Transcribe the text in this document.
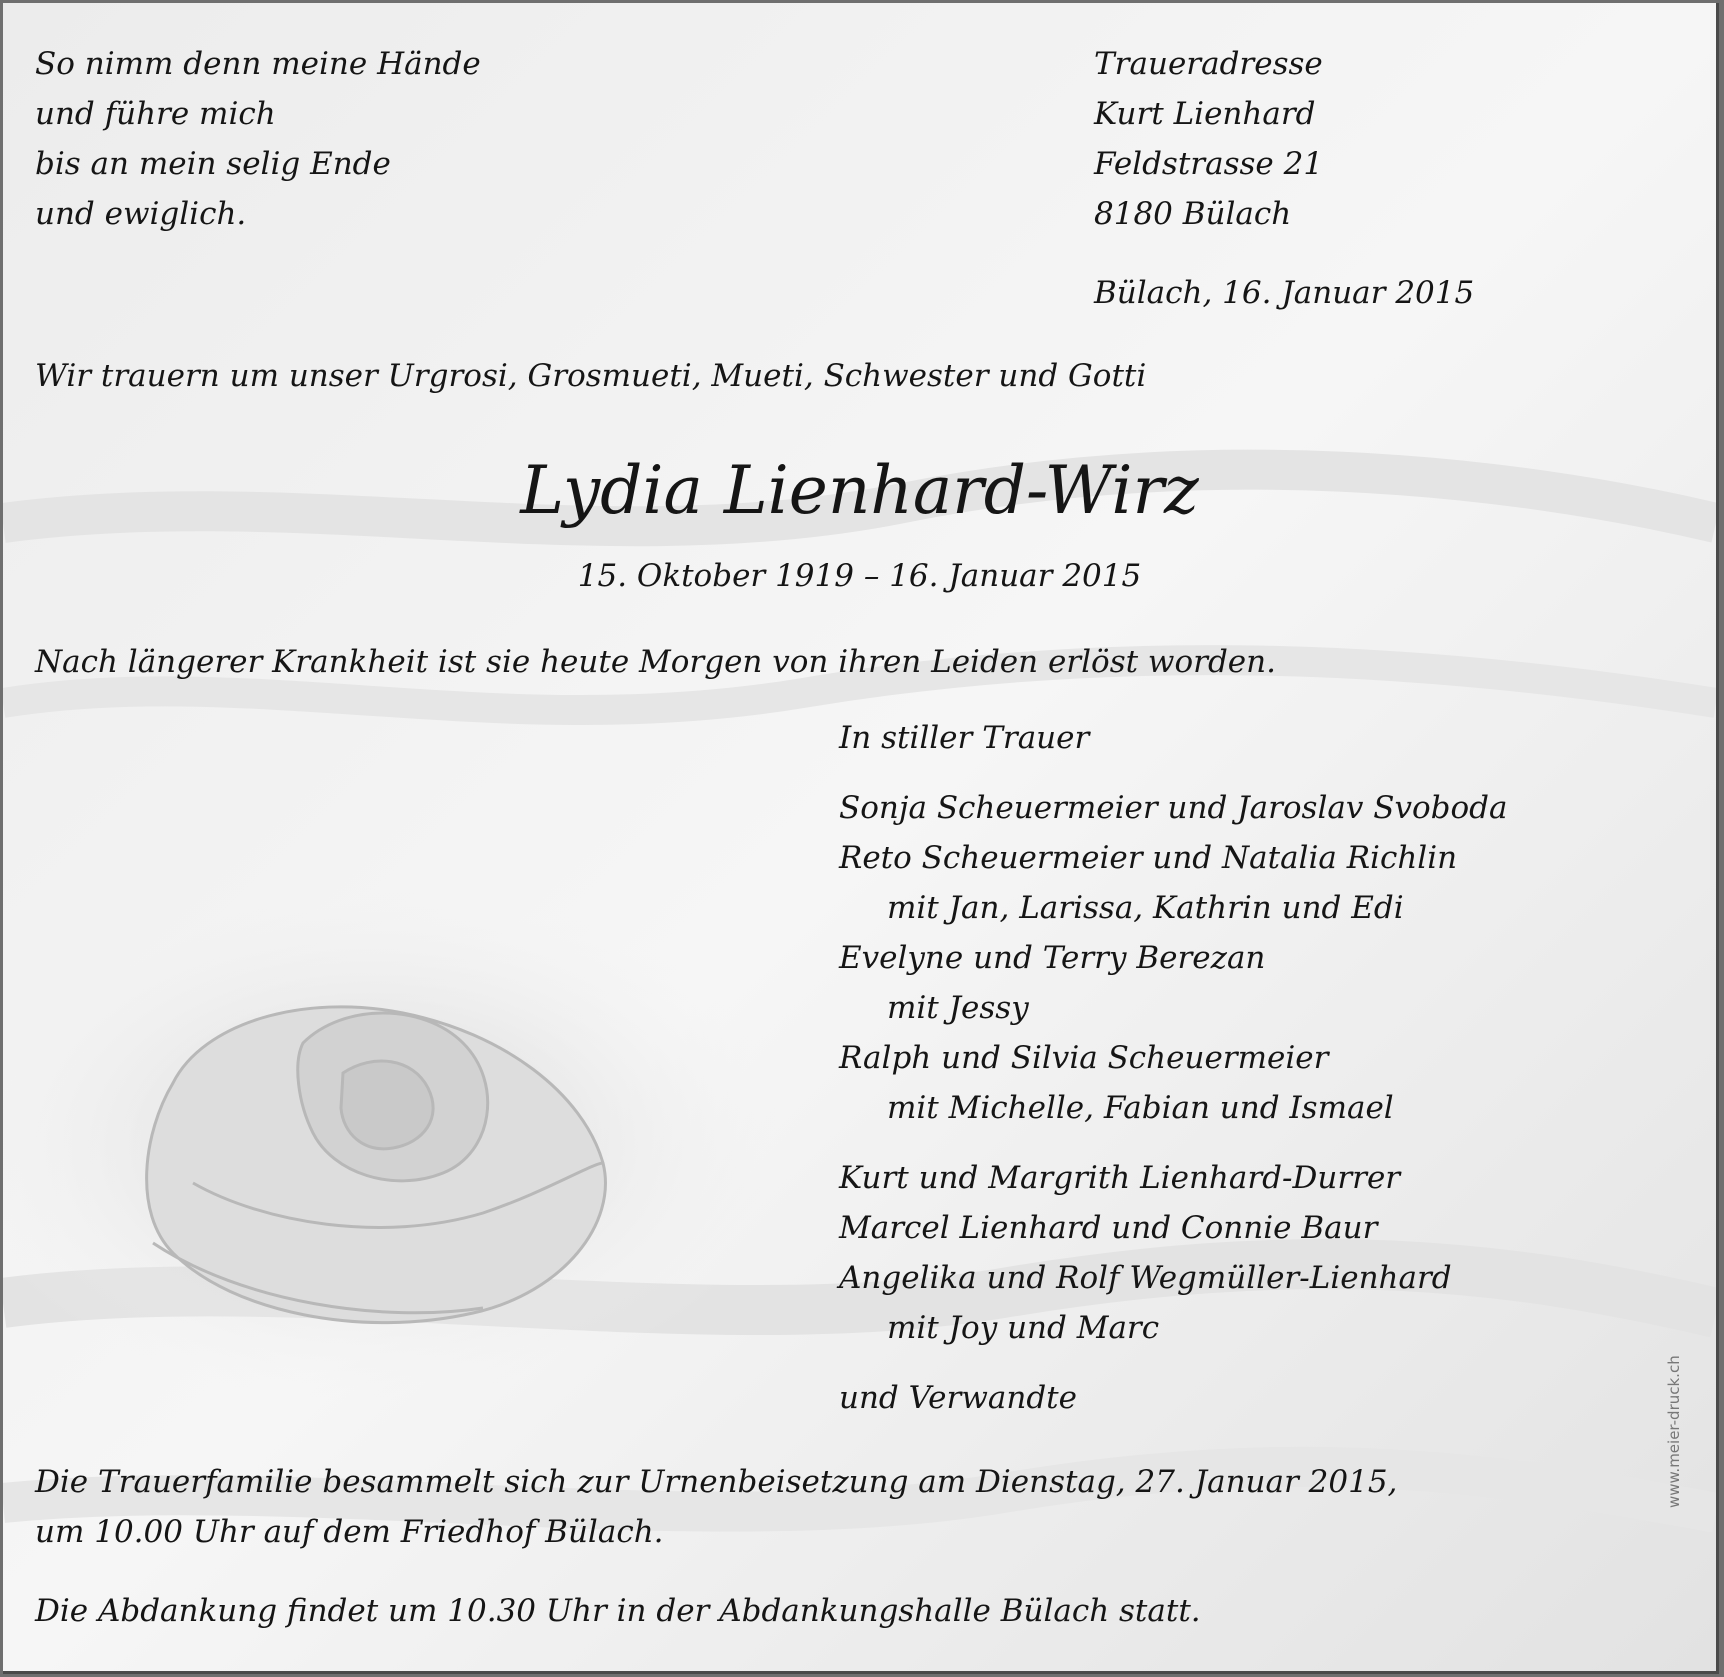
So nimm denn meine Hände
und führe mich
bis an mein selig Ende
und ewiglich.
Traueradresse
Kurt Lienhard
Feldstrasse 21
8180 Bülach
Bülach, 16. Januar 2015
Wir trauern um unser Urgrosi, Grosmueti, Mueti, Schwester und Gotti
Lydia Lienhard-Wirz
15. Oktober 1919 – 16. Januar 2015
Nach längerer Krankheit ist sie heute Morgen von ihren Leiden erlöst worden.
In stiller Trauer
Sonja Scheuermeier und Jaroslav Svoboda
Reto Scheuermeier und Natalia Richlin
mit Jan, Larissa, Kathrin und Edi
Evelyne und Terry Berezan
mit Jessy
Ralph und Silvia Scheuermeier
mit Michelle, Fabian und Ismael
Kurt und Margrith Lienhard-Durrer
Marcel Lienhard und Connie Baur
Angelika und Rolf Wegmüller-Lienhard
mit Joy und Marc
und Verwandte
Die Trauerfamilie besammelt sich zur Urnenbeisetzung am Dienstag, 27. Januar 2015,
um 10.00 Uhr auf dem Friedhof Bülach.
Die Abdankung findet um 10.30 Uhr in der Abdankungshalle Bülach statt.
www.meier-druck.ch
